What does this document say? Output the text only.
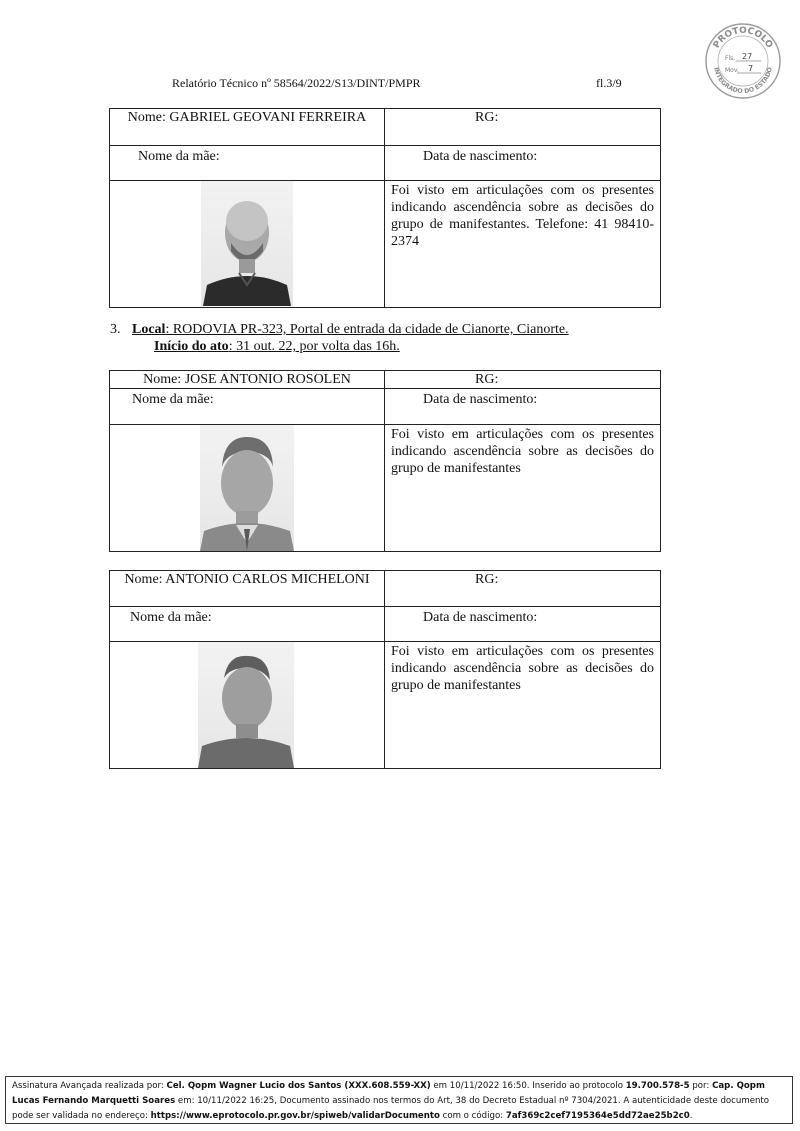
Relatório Técnico nº 58564/2022/S13/DINT/PMPR	fl.3/9
PROTOCOLO
INTEGRADO DO ESTADO
Fls. 27
Mov. 7
Nome: GABRIEL GEOVANI FERREIRA	RG:
Nome da mãe:	Data de nascimento:
Foi visto em articulações com os presentes indicando ascendência sobre as decisões do grupo de manifestantes. Telefone: 41 98410-2374
3. Local: RODOVIA PR-323, Portal de entrada da cidade de Cianorte, Cianorte.
Início do ato: 31 out. 22, por volta das 16h.
Nome: JOSE ANTONIO ROSOLEN	RG:
Nome da mãe:	Data de nascimento:
Foi visto em articulações com os presentes indicando ascendência sobre as decisões do grupo de manifestantes
Nome: ANTONIO CARLOS MICHELONI	RG:
Nome da mãe:	Data de nascimento:
Foi visto em articulações com os presentes indicando ascendência sobre as decisões do grupo de manifestantes
Assinatura Avançada realizada por: Cel. Qopm Wagner Lucio dos Santos (XXX.608.559-XX) em 10/11/2022 16:50. Inserido ao protocolo 19.700.578-5 por: Cap. Qopm Lucas Fernando Marquetti Soares em: 10/11/2022 16:25, Documento assinado nos termos do Art, 38 do Decreto Estadual nº 7304/2021. A autenticidade deste documento pode ser validada no endereço: https://www.eprotocolo.pr.gov.br/spiweb/validarDocumento com o código: 7af369c2cef7195364e5dd72ae25b2c0.
